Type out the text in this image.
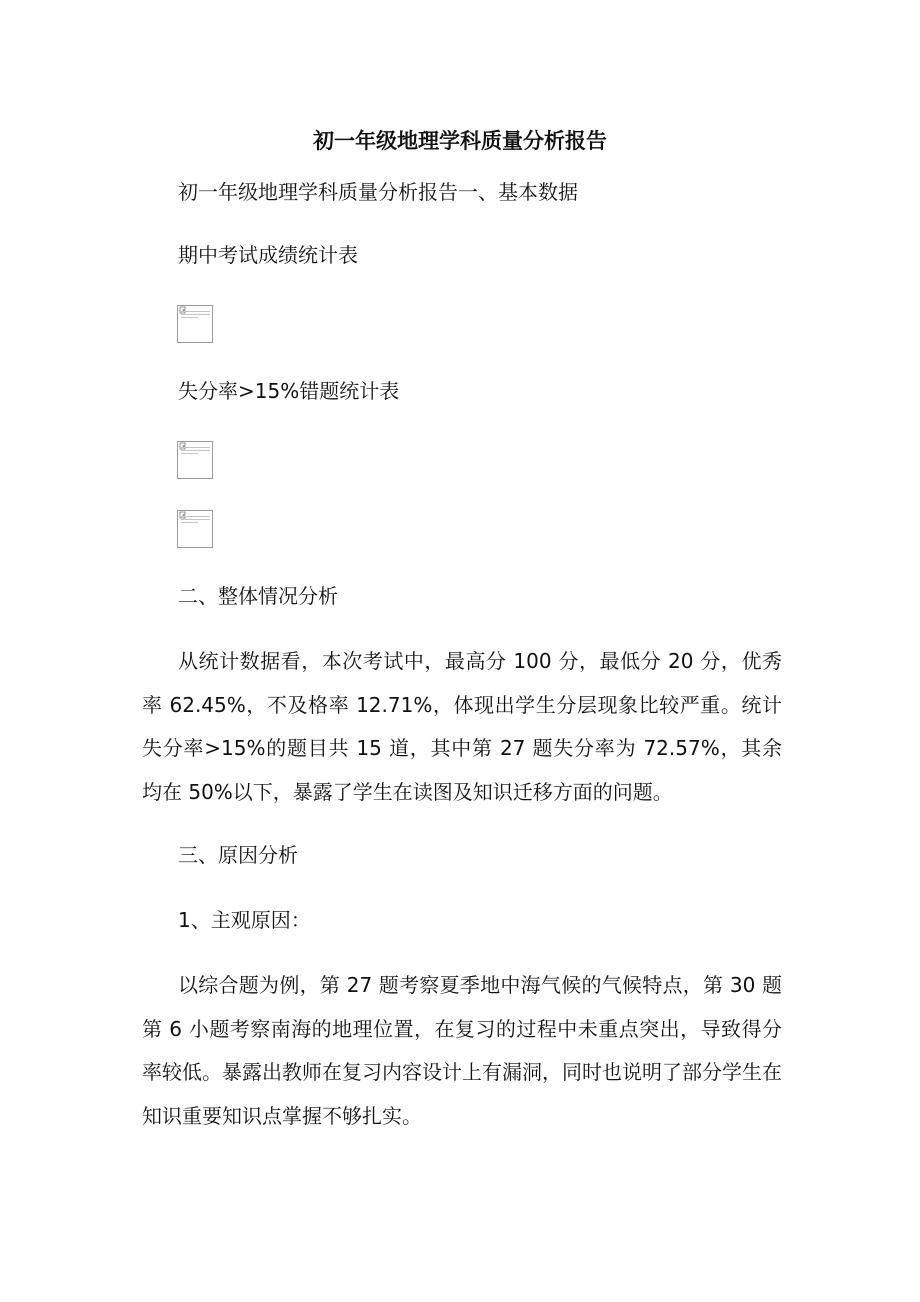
初一年级地理学科质量分析报告

初一年级地理学科质量分析报告一、基本数据

期中考试成绩统计表

失分率>15%错题统计表

二、整体情况分析

从统计数据看，本次考试中，最高分 100 分，最低分 20 分，优秀率 62.45%，不及格率 12.71%，体现出学生分层现象比较严重。统计失分率>15%的题目共 15 道，其中第 27 题失分率为 72.57%，其余均在 50%以下，暴露了学生在读图及知识迁移方面的问题。

三、原因分析

1、主观原因：

以综合题为例，第 27 题考察夏季地中海气候的气候特点，第 30 题第 6 小题考察南海的地理位置，在复习的过程中未重点突出，导致得分率较低。暴露出教师在复习内容设计上有漏洞，同时也说明了部分学生在知识重要知识点掌握不够扎实。
